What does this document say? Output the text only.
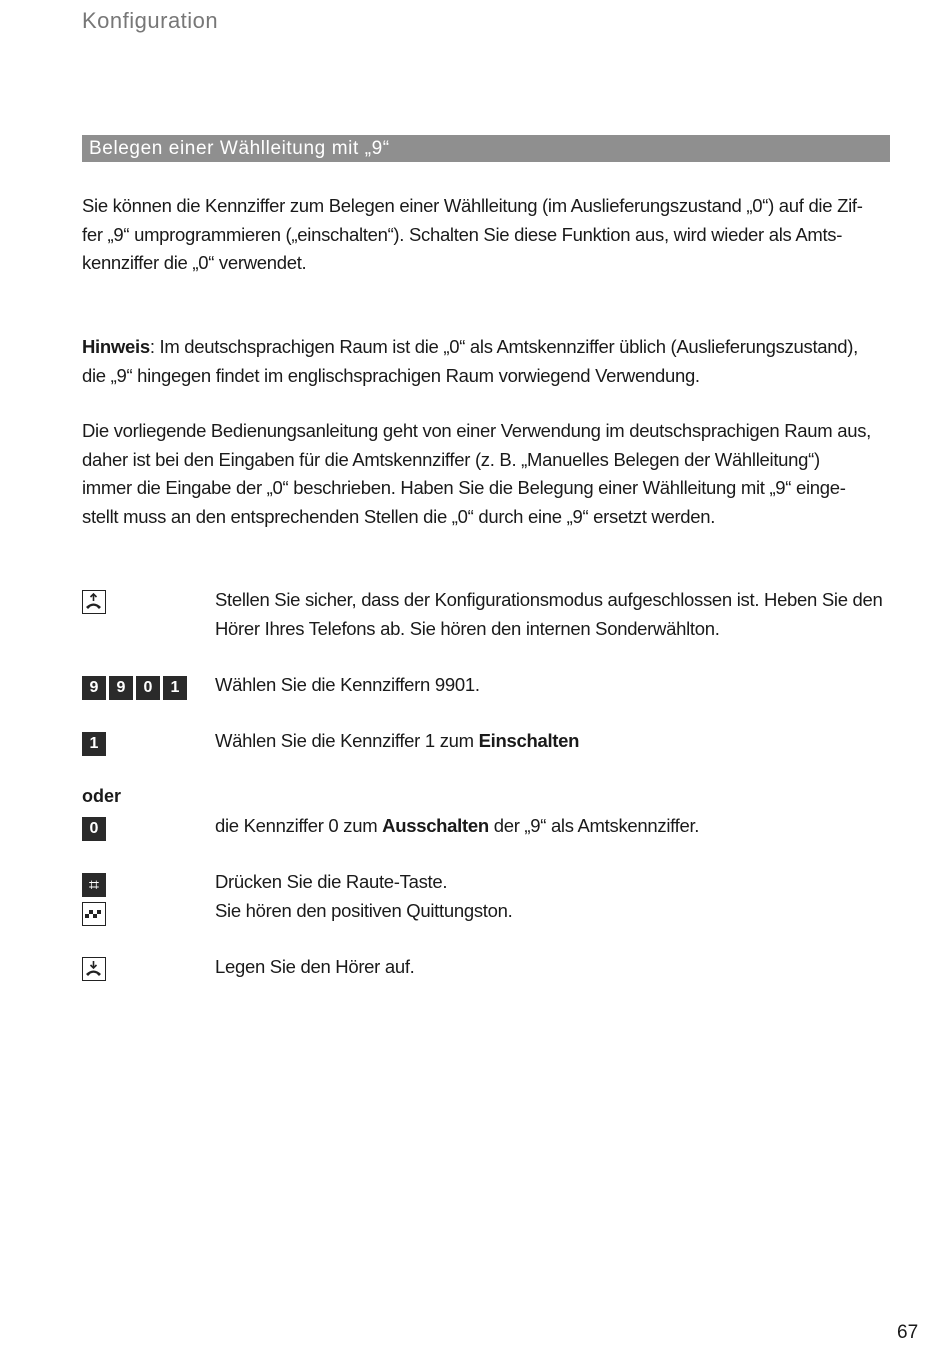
Konfiguration
Belegen einer Wählleitung mit „9“
Sie können die Kennziffer zum Belegen einer Wählleitung (im Auslieferungszustand „0“) auf die Zif-
fer „9“ umprogrammieren („einschalten“). Schalten Sie diese Funktion aus, wird wieder als Amts-
kennziffer die „0“ verwendet.
Hinweis: Im deutschsprachigen Raum ist die „0“ als Amtskennziffer üblich (Auslieferungszustand),
die „9“ hingegen findet im englischsprachigen Raum vorwiegend Verwendung.
Die vorliegende Bedienungsanleitung geht von einer Verwendung im deutschsprachigen Raum aus,
daher ist bei den Eingaben für die Amtskennziffer (z. B. „Manuelles Belegen der Wählleitung“)
immer die Eingabe der „0“ beschrieben. Haben Sie die Belegung einer Wählleitung mit „9“ einge-
stellt muss an den entsprechenden Stellen die „0“ durch eine „9“ ersetzt werden.
Stellen Sie sicher, dass der Konfigurationsmodus aufgeschlossen ist. Heben Sie den
Hörer Ihres Telefons ab. Sie hören den internen Sonderwählton.
9	9	0	1	Wählen Sie die Kennziffern 9901.
1	Wählen Sie die Kennziffer 1 zum Einschalten
oder
0	die Kennziffer 0 zum Ausschalten der „9“ als Amtskennziffer.
⌗	Drücken Sie die Raute-Taste.
Sie hören den positiven Quittungston.
Legen Sie den Hörer auf.
67
